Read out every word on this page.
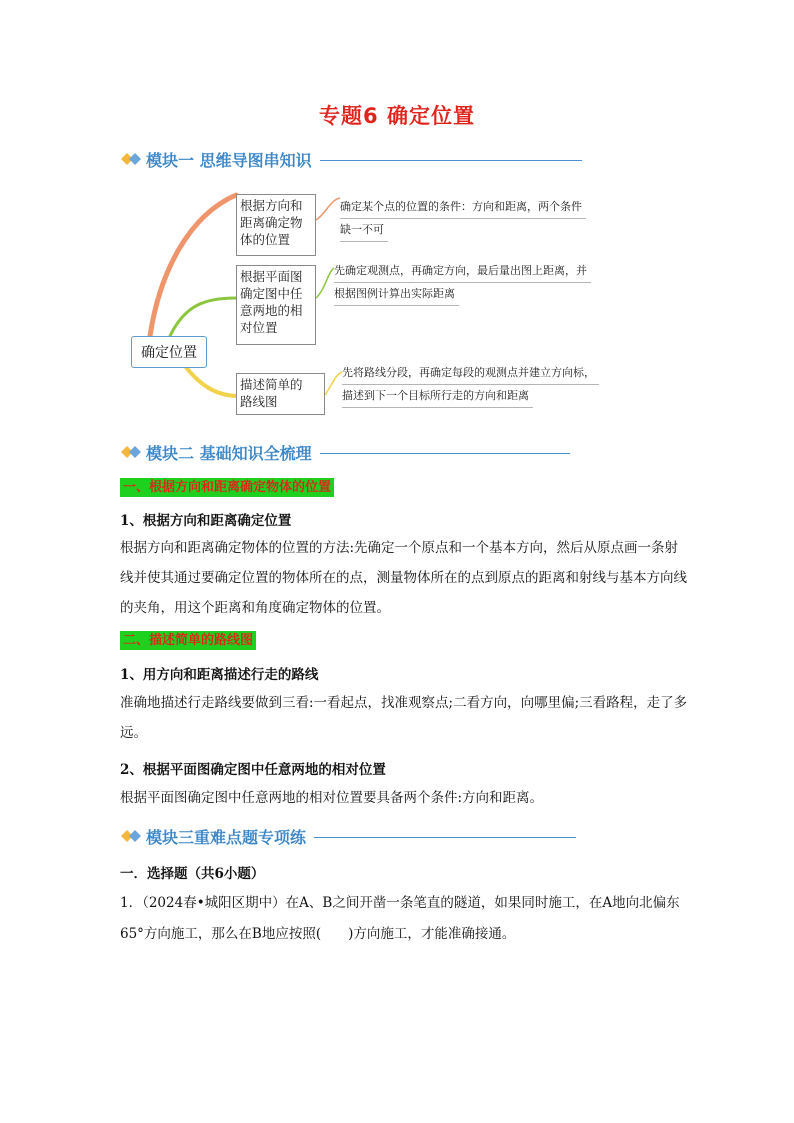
专题6 确定位置
模块一 思维导图串知识
确定位置
根据方向和
距离确定物
体的位置
确定某个点的位置的条件：方向和距离，两个条件
缺一不可
根据平面图
确定图中任
意两地的相
对位置
先确定观测点，再确定方向，最后量出图上距离，并
根据图例计算出实际距离
描述简单的
路线图
先将路线分段，再确定每段的观测点并建立方向标，
描述到下一个目标所行走的方向和距离
模块二 基础知识全梳理
一、根据方向和距离确定物体的位置
1、根据方向和距离确定位置
根据方向和距离确定物体的位置的方法:先确定一个原点和一个基本方向，然后从原点画一条射线并使其通过要确定位置的物体所在的点，测量物体所在的点到原点的距离和射线与基本方向线的夹角，用这个距离和角度确定物体的位置。
二、描述简单的路线图
1、用方向和距离描述行走的路线
准确地描述行走路线要做到三看:一看起点，找准观察点;二看方向，向哪里偏;三看路程，走了多远。
2、根据平面图确定图中任意两地的相对位置
根据平面图确定图中任意两地的相对位置要具备两个条件:方向和距离。
模块三重难点题专项练
一．选择题（共6小题）
1．（2024春•城阳区期中）在A、B之间开凿一条笔直的隧道，如果同时施工，在A地向北偏东65°方向施工，那么在B地应按照(　　)方向施工，才能准确接通。
